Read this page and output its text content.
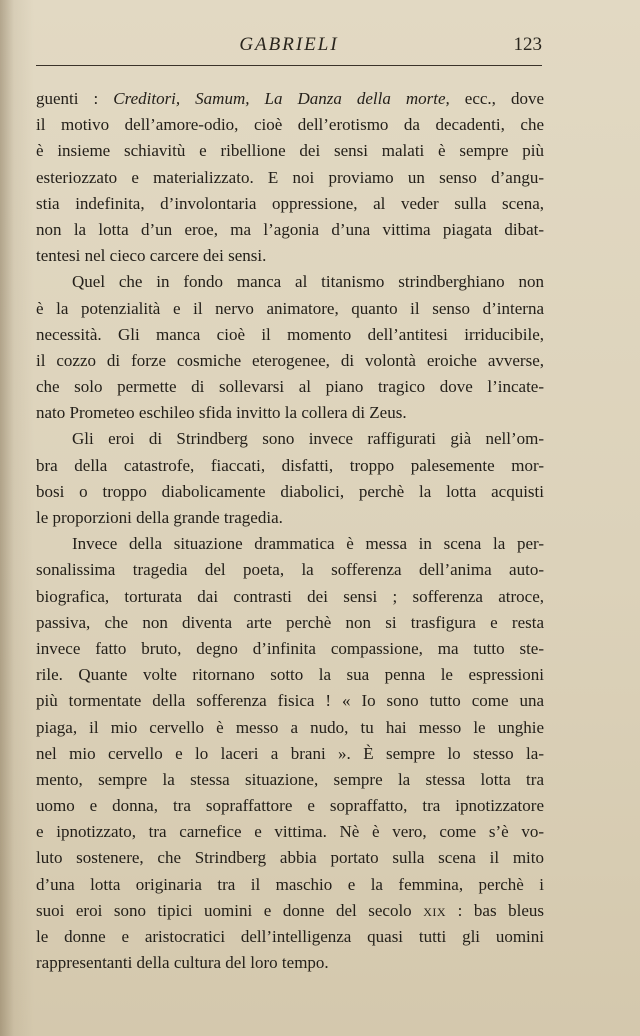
GABRIELI	123
guenti : Creditori, Samum, La Danza della morte, ecc., dove
il motivo dell’amore-odio, cioè dell’erotismo da decadenti, che
è insieme schiavitù e ribellione dei sensi malati è sempre più
esteriozzato e materializzato. E noi proviamo un senso d’angu-
stia indefinita, d’involontaria oppressione, al veder sulla scena,
non la lotta d’un eroe, ma l’agonia d’una vittima piagata dibat-
tentesi nel cieco carcere dei sensi.
Quel che in fondo manca al titanismo strindberghiano non
è la potenzialità e il nervo animatore, quanto il senso d’interna
necessità. Gli manca cioè il momento dell’antitesi irriducibile,
il cozzo di forze cosmiche eterogenee, di volontà eroiche avverse,
che solo permette di sollevarsi al piano tragico dove l’incate-
nato Prometeo eschileo sfida invitto la collera di Zeus.
Gli eroi di Strindberg sono invece raffigurati già nell’om-
bra della catastrofe, fiaccati, disfatti, troppo palesemente mor-
bosi o troppo diabolicamente diabolici, perchè la lotta acquisti
le proporzioni della grande tragedia.
Invece della situazione drammatica è messa in scena la per-
sonalissima tragedia del poeta, la sofferenza dell’anima auto-
biografica, torturata dai contrasti dei sensi ; sofferenza atroce,
passiva, che non diventa arte perchè non si trasfigura e resta
invece fatto bruto, degno d’infinita compassione, ma tutto ste-
rile. Quante volte ritornano sotto la sua penna le espressioni
più tormentate della sofferenza fisica ! « Io sono tutto come una
piaga, il mio cervello è messo a nudo, tu hai messo le unghie
nel mio cervello e lo laceri a brani ». È sempre lo stesso la-
mento, sempre la stessa situazione, sempre la stessa lotta tra
uomo e donna, tra sopraffattore e sopraffatto, tra ipnotizzatore
e ipnotizzato, tra carnefice e vittima. Nè è vero, come s’è vo-
luto sostenere, che Strindberg abbia portato sulla scena il mito
d’una lotta originaria tra il maschio e la femmina, perchè i
suoi eroi sono tipici uomini e donne del secolo xix : bas bleus
le donne e aristocratici dell’intelligenza quasi tutti gli uomini
rappresentanti della cultura del loro tempo.
